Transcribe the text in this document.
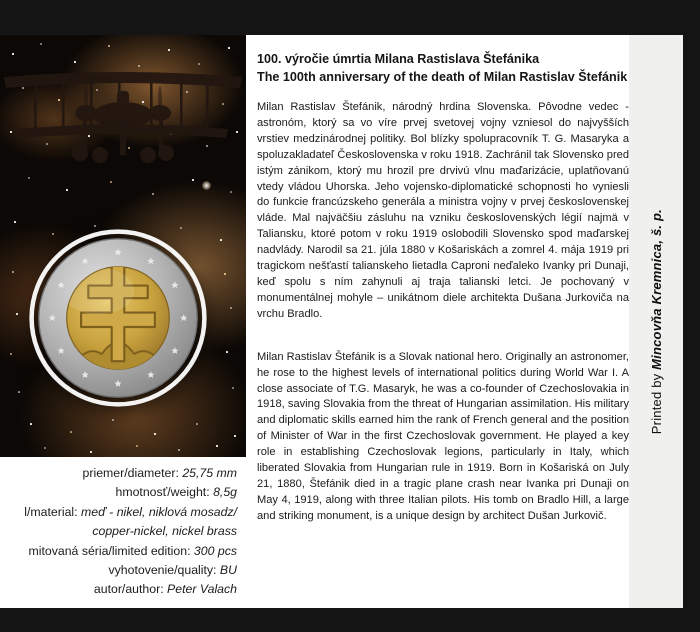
priemer/diameter: 25,75 mm
hmotnosť/weight: 8,5g
l/material: meď - nikel, niklová mosadz/
copper-nickel, nickel brass
mitovaná séria/limited edition: 300 pcs
vyhotovenie/quality: BU
autor/author: Peter Valach
100. výročie úmrtia Milana Rastislava Štefánika
The 100th anniversary of the death of Milan Rastislav Štefánik

Milan Rastislav Štefánik, národný hrdina Slovenska. Pôvodne vedec - astronóm, ktorý sa vo víre prvej svetovej vojny vzniesol do najvyšších vrstiev medzinárodnej politiky. Bol blízky spolupracovník T. G. Masaryka a spoluzakladateľ Československa v roku 1918. Zachránil tak Slovensko pred istým zánikom, ktorý mu hrozil pre drvivú vlnu maďarizácie, uplatňovanú vtedy vládou Uhorska. Jeho vojensko-diplomatické schopnosti ho vyniesli do funkcie francúzskeho generála a ministra vojny v prvej československej vláde. Mal najväčšiu zásluhu na vzniku československých légií najmä v Taliansku, ktoré potom v roku 1919 oslobodili Slovensko spod maďarskej nadvlády. Narodil sa 21. júla 1880 v Košariskách a zomrel 4. mája 1919 pri tragickom nešťastí talianskeho lietadla Caproni neďaleko Ivanky pri Dunaji, keď spolu s ním zahynuli aj traja talianski letci. Je pochovaný v monumentálnej mohyle – unikátnom diele architekta Dušana Jurkoviča na vrchu Bradlo.

Milan Rastislav Štefánik is a Slovak national hero. Originally an astronomer, he rose to the highest levels of international politics during World War I. A close associate of T.G. Masaryk, he was a co-founder of Czechoslovakia in 1918, saving Slovakia from the threat of Hungarian assimilation. His military and diplomatic skills earned him the rank of French general and the position of Minister of War in the first Czechoslovak government. He played a key role in establishing Czechoslovak legions, particularly in Italy, which liberated Slovakia from Hungarian rule in 1919. Born in Košariská on July 21, 1880, Štefánik died in a tragic plane crash near Ivanka pri Dunaji on May 4, 1919, along with three Italian pilots. His tomb on Bradlo Hill, a large and striking monument, is a unique design by architect Dušan Jurkovič.

Printed by Mincovňa Kremnica, š. p.
